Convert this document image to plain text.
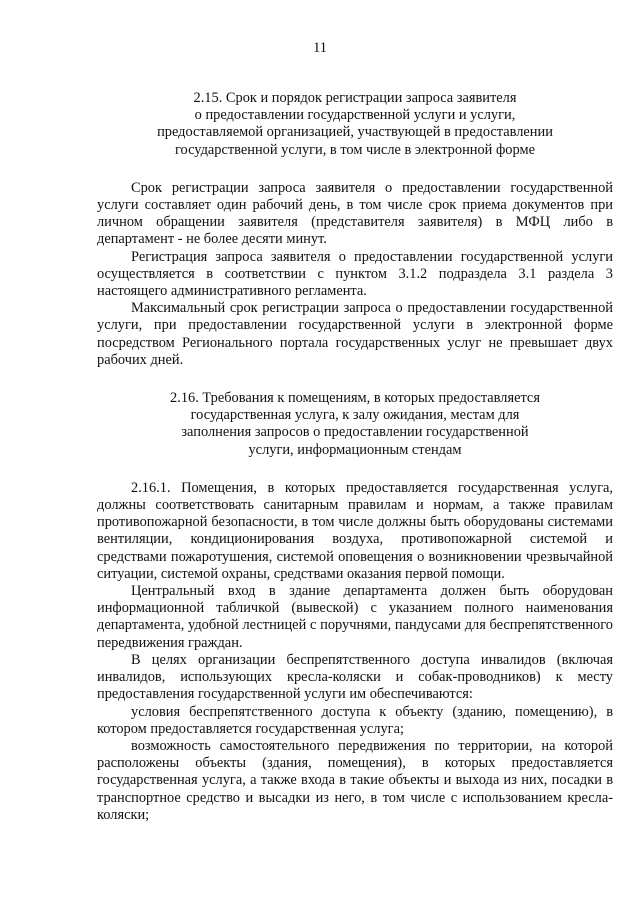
11
2.15. Срок и порядок регистрации запроса заявителя
о предоставлении государственной услуги и услуги,
предоставляемой организацией, участвующей в предоставлении
государственной услуги, в том числе в электронной форме

Срок регистрации запроса заявителя о предоставлении государственной услуги составляет один рабочий день, в том числе срок приема документов при личном обращении заявителя (представителя заявителя) в МФЦ либо в департамент - не более десяти минут.

Регистрация запроса заявителя о предоставлении государственной услуги осуществляется в соответствии с пунктом 3.1.2 подраздела 3.1 раздела 3 настоящего административного регламента.

Максимальный срок регистрации запроса о предоставлении государственной услуги, при предоставлении государственной услуги в электронной форме посредством Регионального портала государственных услуг не превышает двух рабочих дней.

2.16. Требования к помещениям, в которых предоставляется
государственная услуга, к залу ожидания, местам для
заполнения запросов о предоставлении государственной
услуги, информационным стендам

2.16.1. Помещения, в которых предоставляется государственная услуга, должны соответствовать санитарным правилам и нормам, а также правилам противопожарной безопасности, в том числе должны быть оборудованы системами вентиляции, кондиционирования воздуха, противопожарной системой и средствами пожаротушения, системой оповещения о возникновении чрезвычайной ситуации, системой охраны, средствами оказания первой помощи.

Центральный вход в здание департамента должен быть оборудован информационной табличкой (вывеской) с указанием полного наименования департамента, удобной лестницей с поручнями, пандусами для беспрепятственного передвижения граждан.

В целях организации беспрепятственного доступа инвалидов (включая инвалидов, использующих кресла-коляски и собак-проводников) к месту предоставления государственной услуги им обеспечиваются:

условия беспрепятственного доступа к объекту (зданию, помещению), в котором предоставляется государственная услуга;

возможность самостоятельного передвижения по территории, на которой расположены объекты (здания, помещения), в которых предоставляется государственная услуга, а также входа в такие объекты и выхода из них, посадки в транспортное средство и высадки из него, в том числе с использованием кресла-коляски;
